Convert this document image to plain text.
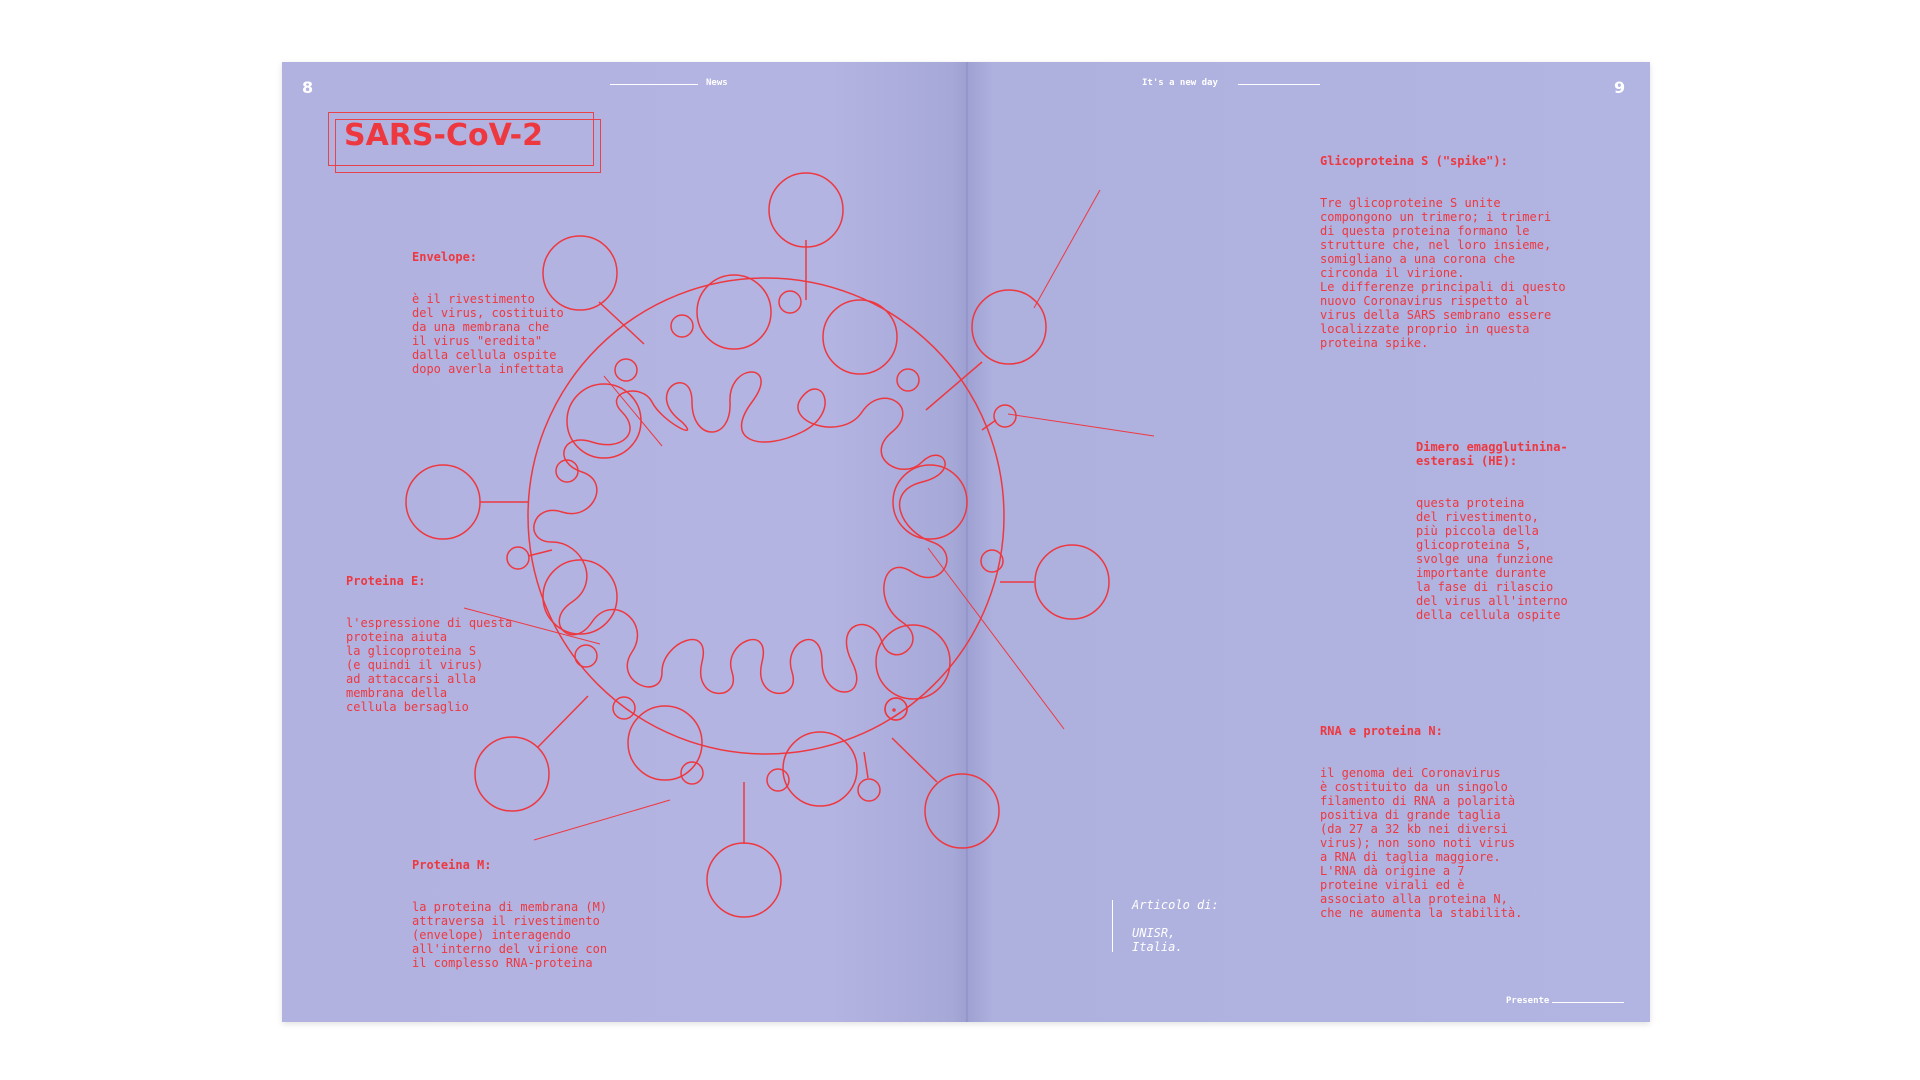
8	9
News	It's a new day
SARS-CoV-2

Envelope:

è il rivestimento
del virus, costituito
da una membrana che
il virus "eredita"
dalla cellula ospite
dopo averla infettata

Proteina E:

l'espressione di questa
proteina aiuta
la glicoproteina S
(e quindi il virus)
ad attaccarsi alla
membrana della
cellula bersaglio

Proteina M:

la proteina di membrana (M)
attraversa il rivestimento
(envelope) interagendo
all'interno del virione con
il complesso RNA-proteina

Glicoproteina S ("spike"):

Tre glicoproteine S unite
compongono un trimero; i trimeri
di questa proteina formano le
strutture che, nel loro insieme,
somigliano a una corona che
circonda il virione.
Le differenze principali di questo
nuovo Coronavirus rispetto al
virus della SARS sembrano essere
localizzate proprio in questa
proteina spike.

Dimero emagglutinina-
esterasi (HE):

questa proteina
del rivestimento,
più piccola della
glicoproteina S,
svolge una funzione
importante durante
la fase di rilascio
del virus all'interno
della cellula ospite

RNA e proteina N:

il genoma dei Coronavirus
è costituito da un singolo
filamento di RNA a polarità
positiva di grande taglia
(da 27 a 32 kb nei diversi
virus); non sono noti virus
a RNA di taglia maggiore.
L'RNA dà origine a 7
proteine virali ed è
associato alla proteina N,
che ne aumenta la stabilità.

Articolo di:

UNISR,
Italia.
Presente
